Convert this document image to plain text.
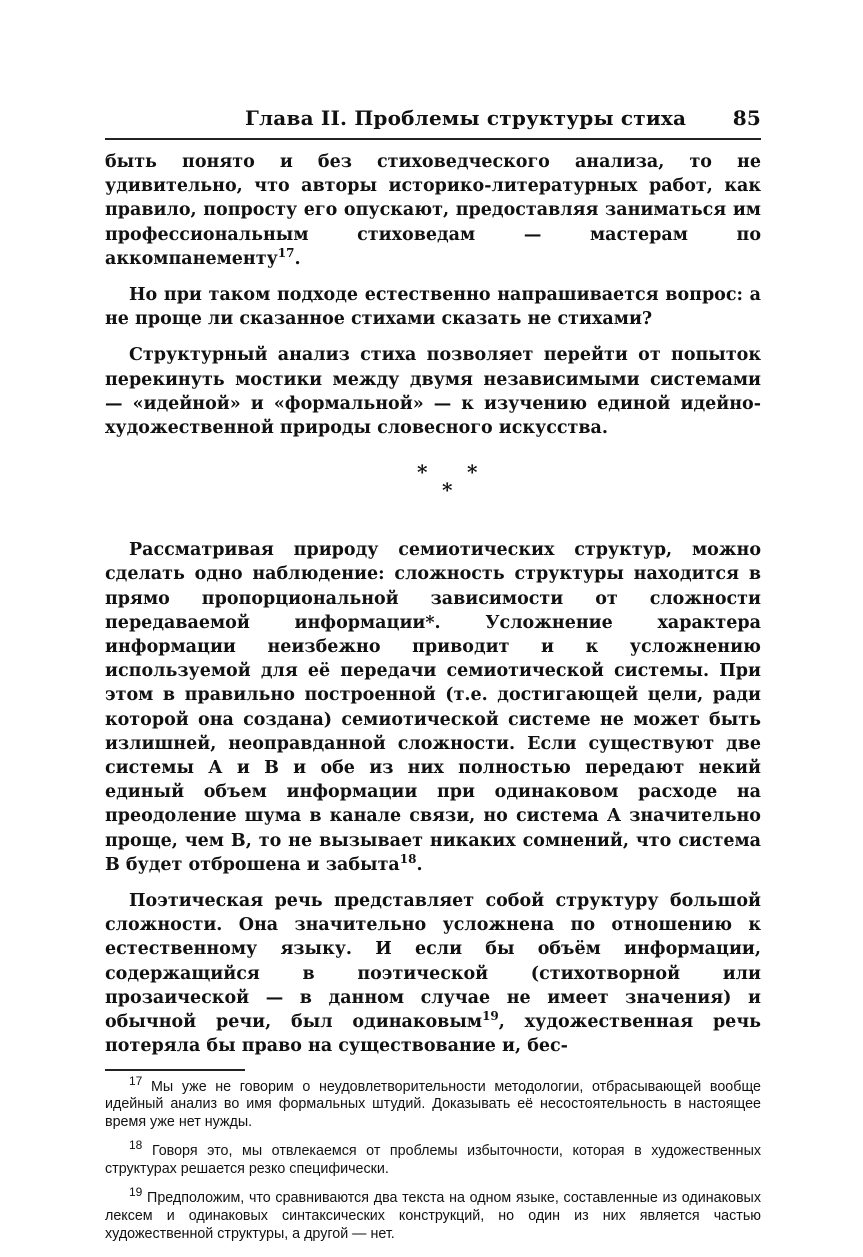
Глава II. Проблемы структуры стиха 85

быть понято и без стиховедческого анализа, то не удивительно, что авторы историко-литературных работ, как правило, попросту его опускают, предоставляя заниматься им профессиональным стиховедам — мастерам по аккомпанементу$^{17}$.

Но при таком подходе естественно напрашивается вопрос: а не проще ли сказанное стихами сказать не стихами?

Структурный анализ стиха позволяет перейти от попыток перекинуть мостики между двумя независимыми системами — «идейной» и «формальной» — к изучению единой идейно-художественной природы словесного искусства.

* *
*

Рассматривая природу семиотических структур, можно сделать одно наблюдение: сложность структуры находится в прямо пропорциональной зависимости от сложности передаваемой информации*. Усложнение характера информации неизбежно приводит и к усложнению используемой для её передачи семиотической системы. При этом в правильно построенной (т.е. достигающей цели, ради которой она создана) семиотической системе не может быть излишней, неоправданной сложности. Если существуют две системы А и В и обе из них полностью передают некий единый объем информации при одинаковом расходе на преодоление шума в канале связи, но система А значительно проще, чем В, то не вызывает никаких сомнений, что система В будет отброшена и забыта$^{18}$.

Поэтическая речь представляет собой структуру большой сложности. Она значительно усложнена по отношению к естественному языку. И если бы объём информации, содержащийся в поэтической (стихотворной или прозаической — в данном случае не имеет значения) и обычной речи, был одинаковым$^{19}$, художественная речь потеряла бы право на существование и, бес-

$^{17}$ Мы уже не говорим о неудовлетворительности методологии, отбрасывающей вообще идейный анализ во имя формальных штудий. Доказывать её несостоятельность в настоящее время уже нет нужды.

$^{18}$ Говоря это, мы отвлекаемся от проблемы избыточности, которая в художественных структурах решается резко специфически.

$^{19}$ Предположим, что сравниваются два текста на одном языке, составленные из одинаковых лексем и одинаковых синтаксических конструкций, но один из них является частью художественной структуры, а другой — нет.
